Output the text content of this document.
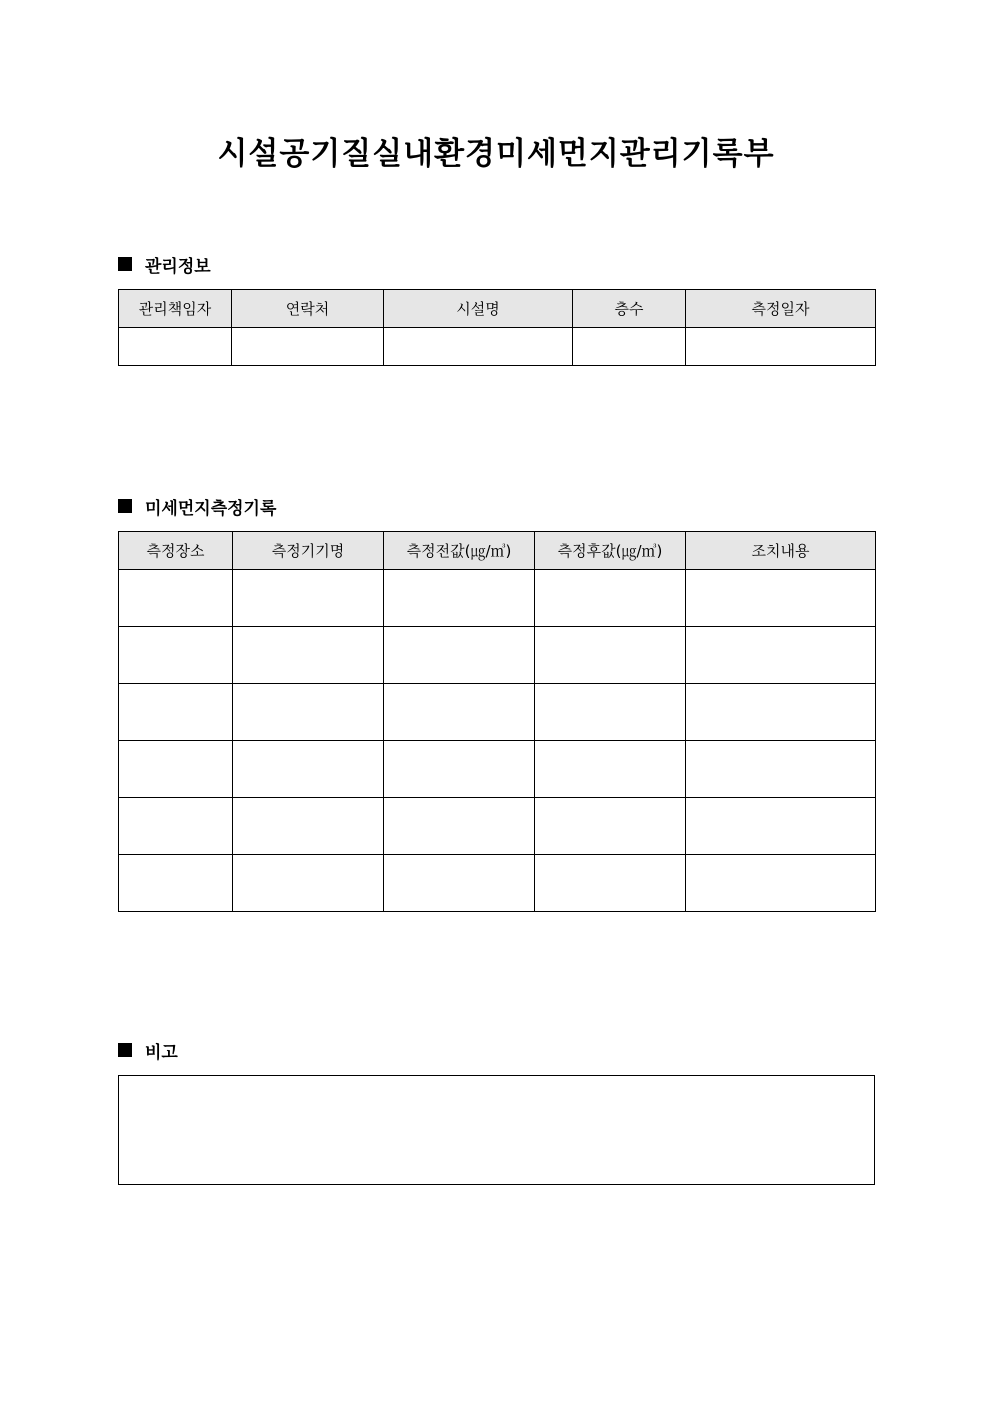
시설공기질실내환경미세먼지관리기록부
관리정보
관리책임자	연락처	시설명	층수	측정일자

미세먼지측정기록
측정장소	측정기기명	측정전값(㎍/㎥)	측정후값(㎍/㎥)	조치내용

비고
